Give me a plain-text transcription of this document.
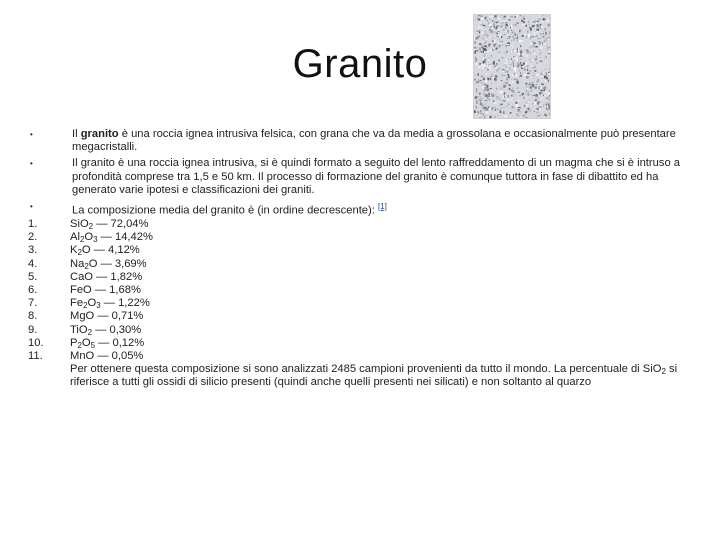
Granito
•	Il granito è una roccia ignea intrusiva felsica, con grana che va da media a grossolana e occasionalmente può presentare megacristalli.
•	Il granito è una roccia ignea intrusiva, si è quindi formato a seguito del lento raffreddamento di un magma che si è intruso a profondità comprese tra 1,5 e 50 km. Il processo di formazione del granito è comunque tuttora in fase di dibattito ed ha generato varie ipotesi e classificazioni dei graniti.
•	La composizione media del granito è (in ordine decrescente): [1]
1.	SiO$_2$ — 72,04%
2.	$Al_2O_3$ — 14,42%
3.	$K_2O$ — 4,12%
4.	$Na_2O$ — 3,69%
5.	CaO — 1,82%
6.	FeO — 1,68%
7.	$Fe_2O_3$ — 1,22%
8.	MgO — 0,71%
9.	TiO$_2$ — 0,30%
10.	$P_2O_5$ — 0,12%
11.	MnO — 0,05%
Per ottenere questa composizione si sono analizzati 2485 campioni provenienti da tutto il mondo. La percentuale di SiO$_2$ si riferisce a tutti gli ossidi di silicio presenti (quindi anche quelli presenti nei silicati) e non soltanto al quarzo
